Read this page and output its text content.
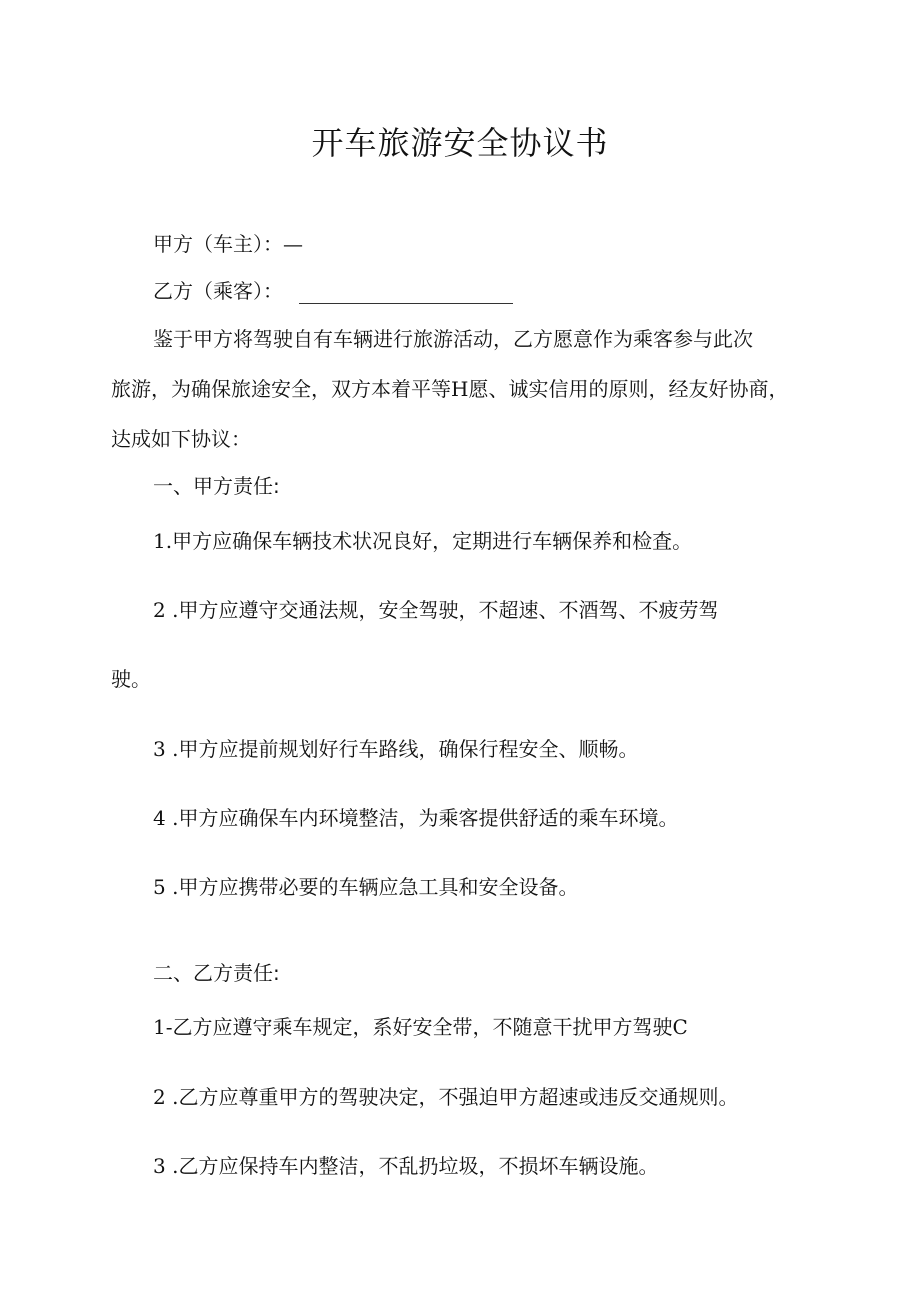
开车旅游安全协议书
甲方（车主）：—
乙方（乘客）：
鉴于甲方将驾驶自有车辆进行旅游活动，乙方愿意作为乘客参与此次
旅游，为确保旅途安全，双方本着平等H愿、诚实信用的原则，经友好协商，
达成如下协议：
一、甲方责任:
1.甲方应确保车辆技术状况良好，定期进行车辆保养和检査。
2 .甲方应遵守交通法规，安全驾驶，不超速、不酒驾、不疲劳驾
驶。
3 .甲方应提前规划好行车路线，确保行程安全、顺畅。
4 .甲方应确保车内环境整洁，为乘客提供舒适的乘车环境。
5 .甲方应携带必要的车辆应急工具和安全设备。
二、乙方责任:
1-乙方应遵守乘车规定，系好安全带，不随意干扰甲方驾驶C
2 .乙方应尊重甲方的驾驶决定，不强迫甲方超速或违反交通规则。
3 .乙方应保持车内整洁，不乱扔垃圾，不损坏车辆设施。
